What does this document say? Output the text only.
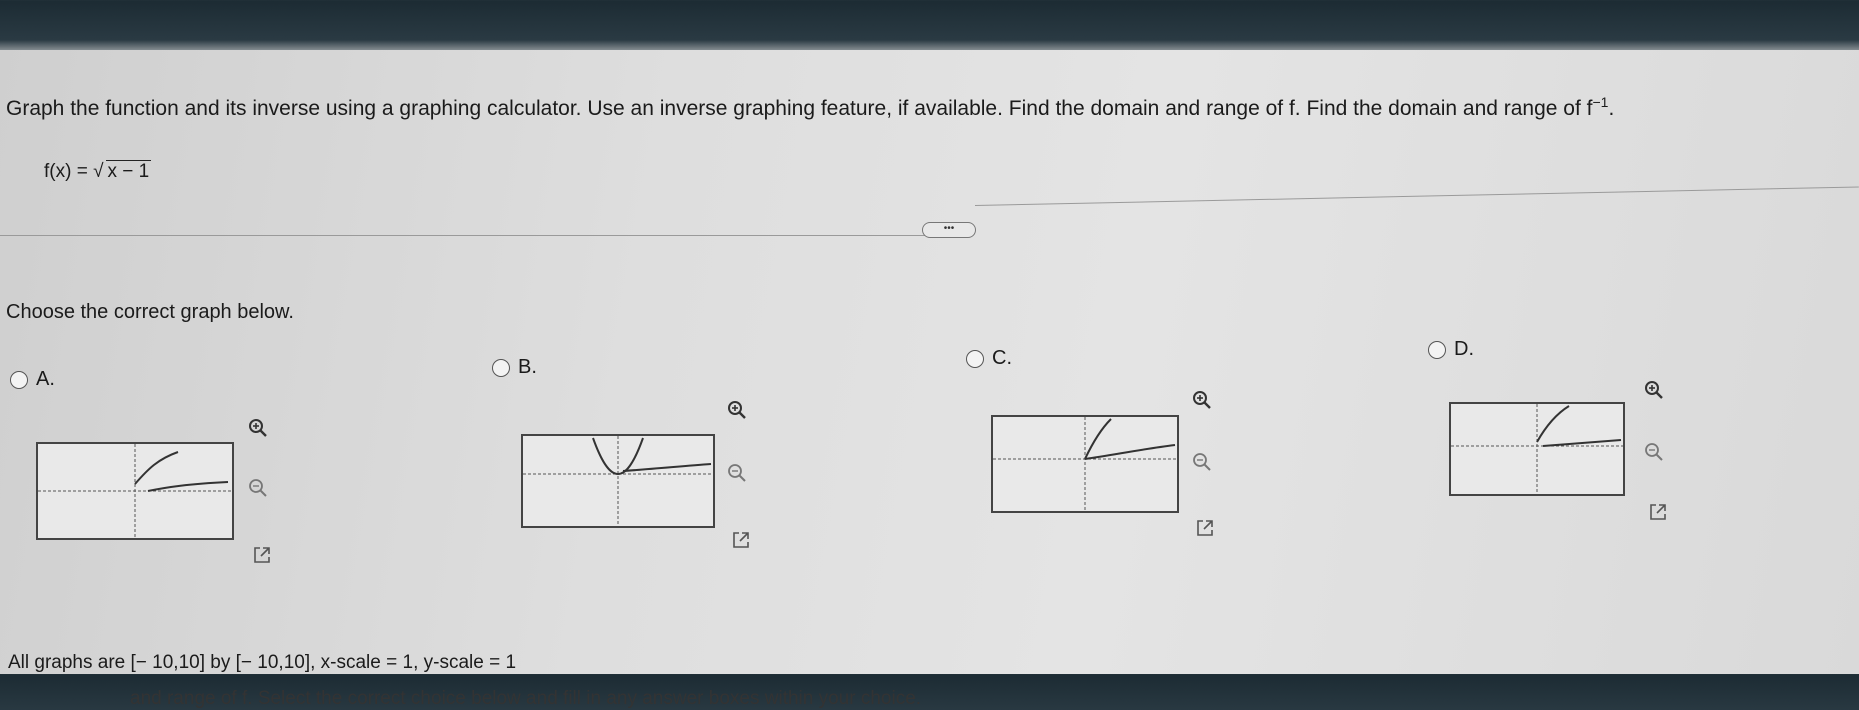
Graph the function and its inverse using a graphing calculator. Use an inverse graphing feature, if available. Find the domain and range of f. Find the domain and range of $f^{-1}$.
f(x) = √ x − 1
•••
Choose the correct graph below.
A.
B.	C.	D.
All graphs are [− 10,10] by [− 10,10], x-scale = 1, y-scale = 1
and range of f. Select the correct choice below and fill in any answer boxes within your choice.
